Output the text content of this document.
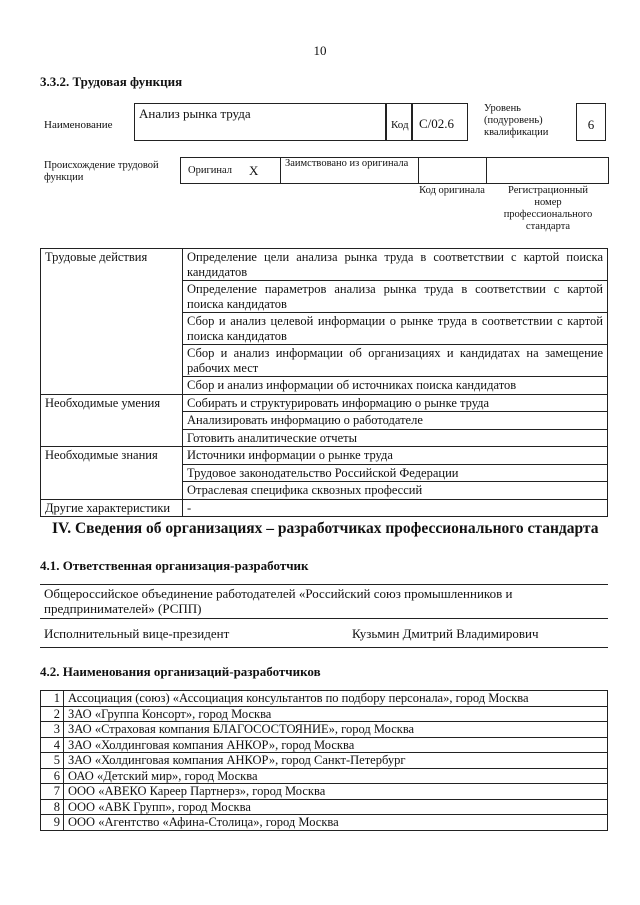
10
3.3.2. Трудовая функция
Наименование
Анализ рынка труда
Код С/02.6
Уровень (подуровень) квалификации
6
Происхождение трудовой функции
Оригинал X	Заимствовано из оригинала
Код оригинала	Регистрационный номер профессионального стандарта
Трудовые действия	Определение цели анализа рынка труда в соответствии с картой поиска кандидатов
	Определение параметров анализа рынка труда в соответствии с картой поиска кандидатов
	Сбор и анализ целевой информации о рынке труда в соответствии с картой поиска кандидатов
	Сбор и анализ информации об организациях и кандидатах на замещение рабочих мест
	Сбор и анализ информации об источниках поиска кандидатов
Необходимые умения	Собирать и структурировать информацию о рынке труда
	Анализировать информацию о работодателе
	Готовить аналитические отчеты
Необходимые знания	Источники информации о рынке труда
	Трудовое законодательство Российской Федерации
	Отраслевая специфика сквозных профессий
Другие характеристики	-
IV. Сведения об организациях – разработчиках профессионального стандарта
4.1. Ответственная организация-разработчик
Общероссийское объединение работодателей «Российский союз промышленников и предпринимателей» (РСПП)
Исполнительный вице-президент	Кузьмин Дмитрий Владимирович
4.2. Наименования организаций-разработчиков
1	Ассоциация (союз) «Ассоциация консультантов по подбору персонала», город Москва
2	ЗАО «Группа Консорт», город Москва
3	ЗАО «Страховая компания БЛАГОСОСТОЯНИЕ», город Москва
4	ЗАО «Холдинговая компания АНКОР», город Москва
5	ЗАО «Холдинговая компания АНКОР», город Санкт-Петербург
6	ОАО «Детский мир», город Москва
7	ООО «АВЕКО Кареер Партнерз», город Москва
8	ООО «АВК Групп», город Москва
9	ООО «Агентство «Афина-Столица», город Москва
